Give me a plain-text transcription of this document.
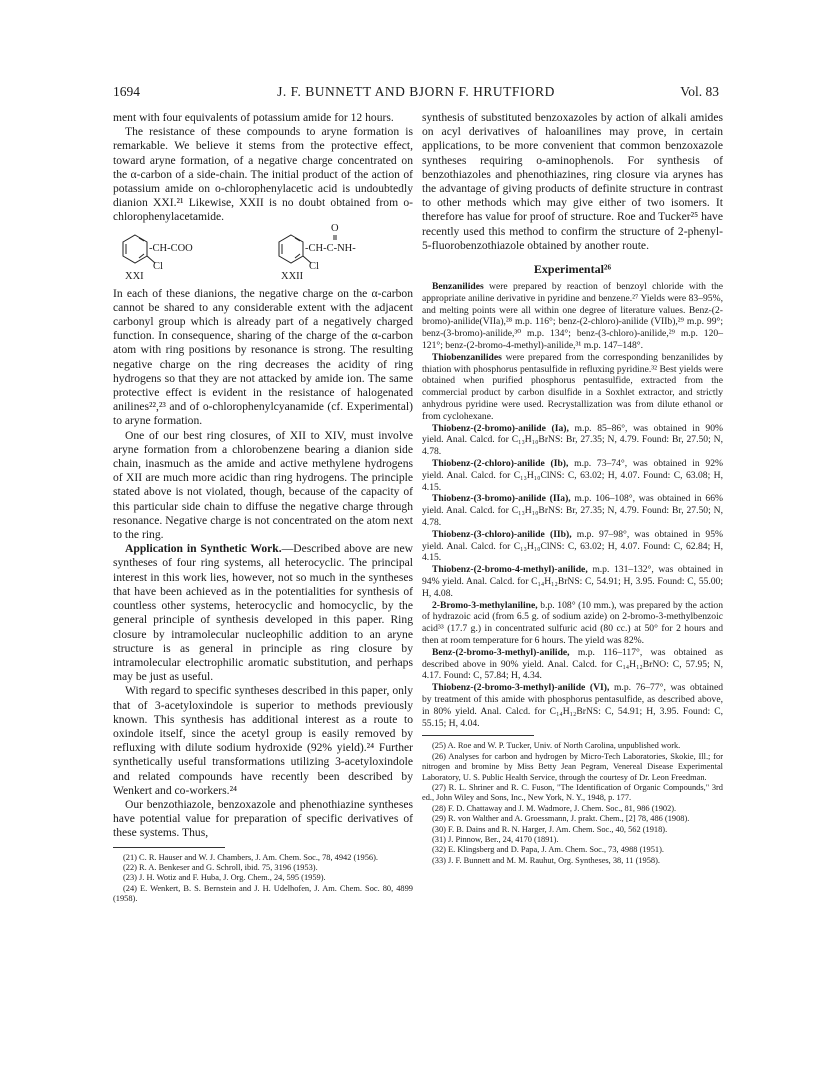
1694	J. F. BUNNETT AND BJORN F. HRUTFIORD	Vol. 83

ment with four equivalents of potassium amide for 12 hours.

The resistance of these compounds to aryne formation is remarkable. We believe it stems from the protective effect, toward aryne formation, of a negative charge concentrated on the α-carbon of a side-chain. The initial product of the action of potassium amide on o-chlorophenylacetic acid is undoubtedly dianion XXI.²¹ Likewise, XXII is no doubt obtained from o-chlorophenylacetamide.

-CH-COO
Cl
XXI
O
-CH-C-NH-
Cl
XXII

In each of these dianions, the negative charge on the α-carbon cannot be shared to any considerable extent with the adjacent carbonyl group which is already part of a negatively charged function. In consequence, sharing of the charge of the α-carbon atom with ring positions by resonance is strong. The resulting negative charge on the ring decreases the acidity of ring hydrogens so that they are not attacked by amide ion. The same protective effect is evident in the resistance of halogenated anilines²²,²³ and of o-chlorophenylcyanamide (cf. Experimental) to aryne formation.

One of our best ring closures, of XII to XIV, must involve aryne formation from a chlorobenzene bearing a dianion side chain, inasmuch as the amide and active methylene hydrogens of XII are much more acidic than ring hydrogens. The principle stated above is not violated, though, because of the capacity of this particular side chain to diffuse the negative charge through resonance. Negative charge is not concentrated on the atom next to the ring.

Application in Synthetic Work.—Described above are new syntheses of four ring systems, all heterocyclic. The principal interest in this work lies, however, not so much in the syntheses that have been achieved as in the potentialities for synthesis of countless other systems, heterocyclic and homocyclic, by the general principle of synthesis developed in this paper. Ring closure by intramolecular nucleophilic addition to an aryne structure is as general in principle as ring closure by intramolecular electrophilic aromatic substitution, and perhaps may be just as useful.

With regard to specific syntheses described in this paper, only that of 3-acetyloxindole is superior to methods previously known. This synthesis has additional interest as a route to oxindole itself, since the acetyl group is easily removed by refluxing with dilute sodium hydroxide (92% yield).²⁴ Further synthetically useful transformations utilizing 3-acetyloxindole and related compounds have recently been described by Wenkert and co-workers.²⁴

Our benzothiazole, benzoxazole and phenothiazine syntheses have potential value for preparation of specific derivatives of these systems. Thus,

(21) C. R. Hauser and W. J. Chambers, J. Am. Chem. Soc., 78, 4942 (1956).

(22) R. A. Benkeser and G. Schroll, ibid. 75, 3196 (1953).

(23) J. H. Wotiz and F. Huba, J. Org. Chem., 24, 595 (1959).

(24) E. Wenkert, B. S. Bernstein and J. H. Udelhofen, J. Am. Chem. Soc. 80, 4899 (1958).

synthesis of substituted benzoxazoles by action of alkali amides on acyl derivatives of haloanilines may prove, in certain applications, to be more convenient that common benzoxazole syntheses requiring o-aminophenols. For synthesis of benzothiazoles and phenothiazines, ring closure via arynes has the advantage of giving products of definite structure in contrast to other methods which may give either of two isomers. It therefore has value for proof of structure. Roe and Tucker²⁵ have recently used this method to confirm the structure of 2-phenyl-5-fluorobenzothiazole obtained by another route.

Experimental²⁶

Benzanilides were prepared by reaction of benzoyl chloride with the appropriate aniline derivative in pyridine and benzene.²⁷ Yields were 83–95%, and melting points were all within one degree of literature values. Benz-(2-bromo)-anilide(VIIa),²⁸ m.p. 116°; benz-(2-chloro)-anilide (VIIb),²⁹ m.p. 99°; benz-(3-bromo)-anilide,³⁰ m.p. 134°; benz-(3-chloro)-anilide,²⁹ m.p. 120–121°; benz-(2-bromo-4-methyl)-anilide,³¹ m.p. 147–148°.

Thiobenzanilides were prepared from the corresponding benzanilides by thiation with phosphorus pentasulfide in refluxing pyridine.³² Best yields were obtained when purified phosphorus pentasulfide, extracted from the commercial product by carbon disulfide in a Soxhlet extractor, and strictly anhydrous pyridine were used. Recrystallization was from dilute ethanol or from cyclohexane.

Thiobenz-(2-bromo)-anilide (Ia), m.p. 85–86°, was obtained in 90% yield. Anal. Calcd. for C₁₃H₁₀BrNS: Br, 27.35; N, 4.79. Found: Br, 27.50; N, 4.78.

Thiobenz-(2-chloro)-anilide (Ib), m.p. 73–74°, was obtained in 92% yield. Anal. Calcd. for C₁₃H₁₀ClNS: C, 63.02; H, 4.07. Found: C, 63.08; H, 4.15.

Thiobenz-(3-bromo)-anilide (IIa), m.p. 106–108°, was obtained in 66% yield. Anal. Calcd. for C₁₃H₁₀BrNS: Br, 27.35; N, 4.79. Found: Br, 27.50; N, 4.78.

Thiobenz-(3-chloro)-anilide (IIb), m.p. 97–98°, was obtained in 95% yield. Anal. Calcd. for C₁₃H₁₀ClNS: C, 63.02; H, 4.07. Found: C, 62.84; H, 4.15.

Thiobenz-(2-bromo-4-methyl)-anilide, m.p. 131–132°, was obtained in 94% yield. Anal. Calcd. for C₁₄H₁₂BrNS: C, 54.91; H, 3.95. Found: C, 55.00; H, 4.08.

2-Bromo-3-methylaniline, b.p. 108° (10 mm.), was prepared by the action of hydrazoic acid (from 6.5 g. of sodium azide) on 2-bromo-3-methylbenzoic acid³³ (17.7 g.) in concentrated sulfuric acid (80 cc.) at 50° for 2 hours and then at room temperature for 6 hours. The yield was 82%.

Benz-(2-bromo-3-methyl)-anilide, m.p. 116–117°, was obtained as described above in 90% yield. Anal. Calcd. for C₁₄H₁₂BrNO: C, 57.95; N, 4.17. Found: C, 57.84; H, 4.34.

Thiobenz-(2-bromo-3-methyl)-anilide (VI), m.p. 76–77°, was obtained by treatment of this amide with phosphorus pentasulfide, as described above, in 80% yield. Anal. Calcd. for C₁₄H₁₂BrNS: C, 54.91; H, 3.95. Found: C, 55.15; H, 4.04.

(25) A. Roe and W. P. Tucker, Univ. of North Carolina, unpublished work.

(26) Analyses for carbon and hydrogen by Micro-Tech Laboratories, Skokie, Ill.; for nitrogen and bromine by Miss Betty Jean Pegram, Venereal Disease Experimental Laboratory, U. S. Public Health Service, through the courtesy of Dr. Leon Freedman.

(27) R. L. Shriner and R. C. Fuson, "The Identification of Organic Compounds," 3rd ed., John Wiley and Sons, Inc., New York, N. Y., 1948, p. 177.

(28) F. D. Chattaway and J. M. Wadmore, J. Chem. Soc., 81, 986 (1902).

(29) R. von Walther and A. Groessmann, J. prakt. Chem., [2] 78, 486 (1908).

(30) F. B. Dains and R. N. Harger, J. Am. Chem. Soc., 40, 562 (1918).

(31) J. Pinnow, Ber., 24, 4170 (1891).

(32) E. Klingsberg and D. Papa, J. Am. Chem. Soc., 73, 4988 (1951).

(33) J. F. Bunnett and M. M. Rauhut, Org. Syntheses, 38, 11 (1958).
